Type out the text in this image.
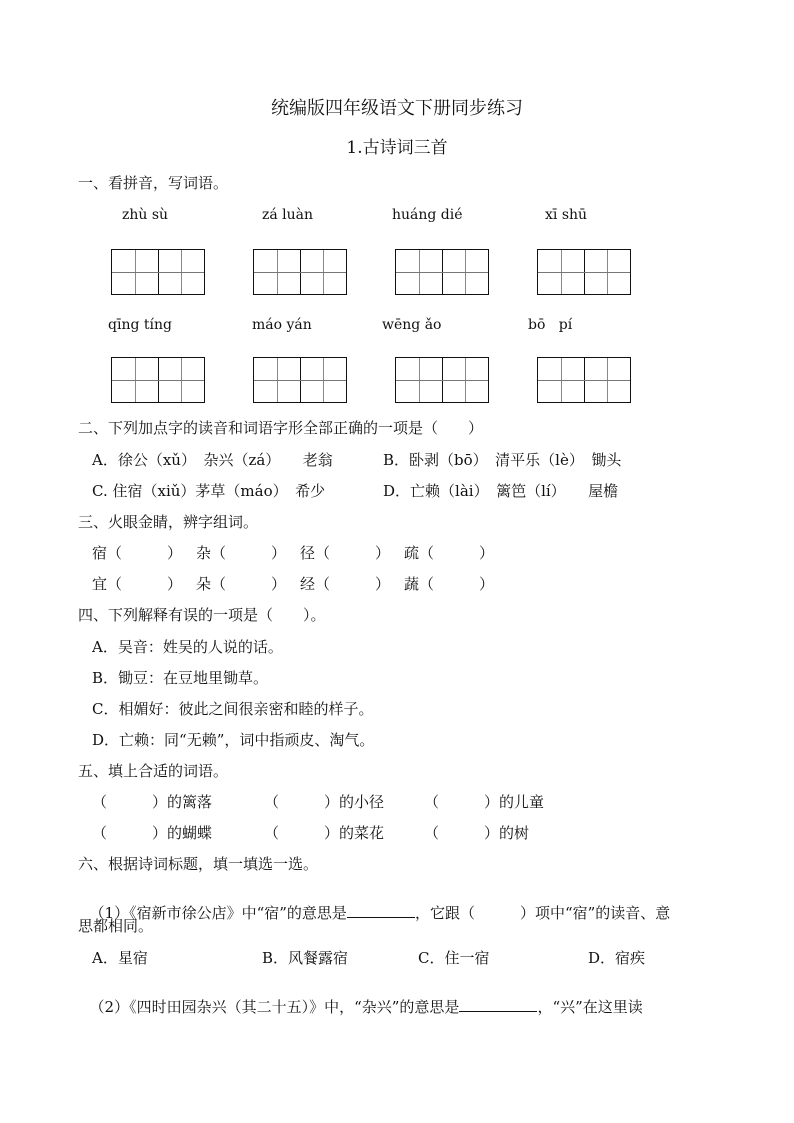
统编版四年级语文下册同步练习
1.古诗词三首
一、看拼音，写词语。
zhù sù	zá luàn	huáng dié	xī shū
qīng tíng	máo yán	wēng ǎo	bō   pí
二、下列加点字的读音和词语字形全部正确的一项是（　　）
A．徐公（xǔ）　杂兴（zá）　　老翁	B．卧剥（bō）　清平乐（lè）　锄头
C. 住宿（xiǔ）茅草（máo）　希少	D．亡赖（lài）　篱笆（lí）　　屋檐
三、火眼金睛，辨字组词。
宿（　　　） 杂（　　　） 径（　　　） 疏（　　　）
宜（　　　） 朵（　　　） 经（　　　） 蔬（　　　）
四、下列解释有误的一项是（　　）。
A．吴音：姓吴的人说的话。
B．锄豆：在豆地里锄草。
C．相媚好：彼此之间很亲密和睦的样子。
D．亡赖：同“无赖”，词中指顽皮、淘气。
五、填上合适的词语。
（　　　）的篱落	（　　　）的小径	（　　　）的儿童
（　　　）的蝴蝶	（　　　）的菜花	（　　　）的树
六、根据诗词标题，填一填选一选。

（1）《宿新市徐公店》中“宿”的意思是	，它跟（　　　）项中“宿”的读音、意

思都相同。
A．星宿	B．风餐露宿	C．住一宿	D．宿疾

（2）《四时田园杂兴（其二十五）》中，“杂兴”的意思是	，“兴”在这里读
